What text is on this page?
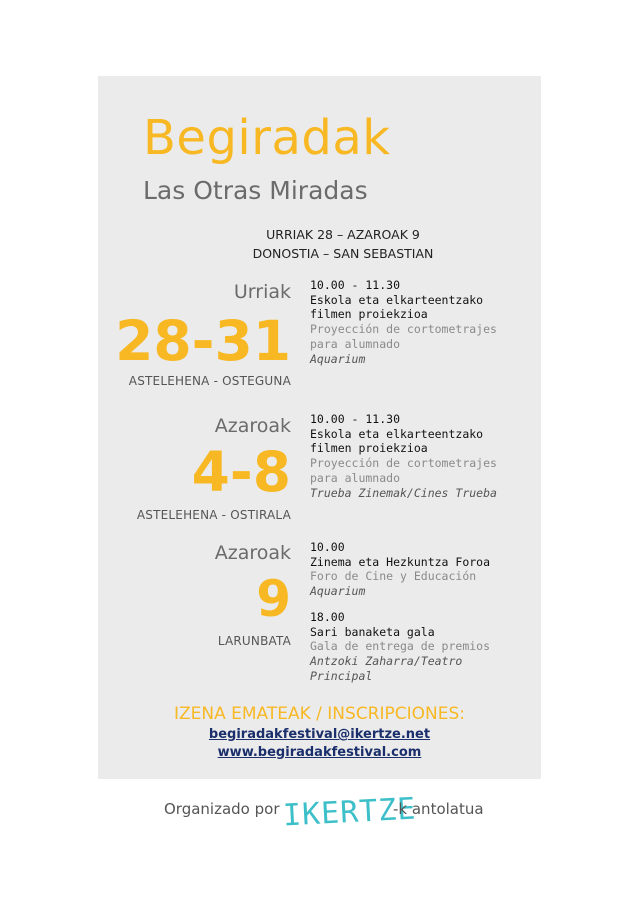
Begiradak
Las Otras Miradas
URRIAK 28 – AZAROAK 9
DONOSTIA – SAN SEBASTIAN
Urriak
28-31
ASTELEHENA - OSTEGUNA
10.00 - 11.30
Eskola eta elkarteentzako
filmen proiekzioa
Proyección de cortometrajes
para alumnado
Aquarium
Azaroak
4-8
ASTELEHENA - OSTIRALA
10.00 - 11.30
Eskola eta elkarteentzako
filmen proiekzioa
Proyección de cortometrajes
para alumnado
Trueba Zinemak/Cines Trueba
Azaroak
9
LARUNBATA
10.00
Zinema eta Hezkuntza Foroa
Foro de Cine y Educación
Aquarium
18.00
Sari banaketa gala
Gala de entrega de premios
Antzoki Zaharra/Teatro
Principal
IZENA EMATEAK / INSCRIPCIONES:
begiradakfestival@ikertze.net
www.begiradakfestival.com
Organizado por IKERTZE
-k antolatua
